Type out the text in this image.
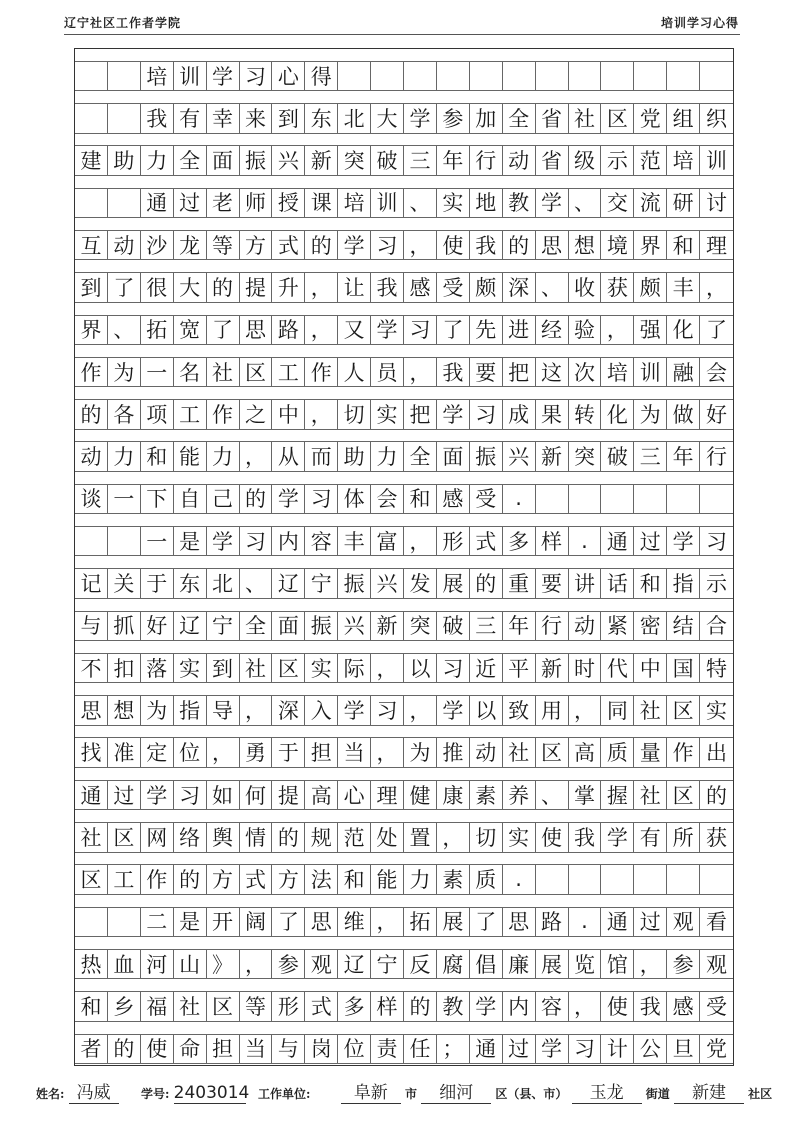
辽宁社区工作者学院	培训学习心得
培 训 学 习 心 得
我 有 幸 来 到 东 北 大 学 参 加 全 省 社 区 党 组 织
建 助 力 全 面 振 兴 新 突 破 三 年 行 动 省 级 示 范 培 训
通 过 老 师 授 课 培 训 、 实 地 教 学 、 交 流 研 讨
互 动 沙 龙 等 方 式 的 学 习 ， 使 我 的 思 想 境 界 和 理
到 了 很 大 的 提 升 ， 让 我 感 受 颇 深 、 收 获 颇 丰 ，
界 、 拓 宽 了 思 路 ， 又 学 习 了 先 进 经 验 ， 强 化 了
作 为 一 名 社 区 工 作 人 员 ， 我 要 把 这 次 培 训 融 会
的 各 项 工 作 之 中 ， 切 实 把 学 习 成 果 转 化 为 做 好
动 力 和 能 力 ， 从 而 助 力 全 面 振 兴 新 突 破 三 年 行
谈 一 下 自 己 的 学 习 体 会 和 感 受 .
一 是 学 习 内 容 丰 富 ， 形 式 多 样 . 通 过 学 习
记 关 于 东 北 、 辽 宁 振 兴 发 展 的 重 要 讲 话 和 指 示
与 抓 好 辽 宁 全 面 振 兴 新 突 破 三 年 行 动 紧 密 结 合
不 扣 落 实 到 社 区 实 际 ， 以 习 近 平 新 时 代 中 国 特
思 想 为 指 导 ， 深 入 学 习 ， 学 以 致 用 ， 同 社 区 实
找 准 定 位 ， 勇 于 担 当 ， 为 推 动 社 区 高 质 量 作 出
通 过 学 习 如 何 提 高 心 理 健 康 素 养 、 掌 握 社 区 的
社 区 网 络 舆 情 的 规 范 处 置 ， 切 实 使 我 学 有 所 获
区 工 作 的 方 式 方 法 和 能 力 素 质 .
二 是 开 阔 了 思 维 ， 拓 展 了 思 路 . 通 过 观 看
热 血 河 山 》 ， 参 观 辽 宁 反 腐 倡 廉 展 览 馆 ， 参 观
和 乡 福 社 区 等 形 式 多 样 的 教 学 内 容 ， 使 我 感 受
者 的 使 命 担 当 与 岗 位 责 任 ； 通 过 学 习 计 公 旦 党
姓名: 冯威	学号: 2403014 工作单位:	阜新 市 细河 区（县、市） 玉龙 街道 新建 社区
